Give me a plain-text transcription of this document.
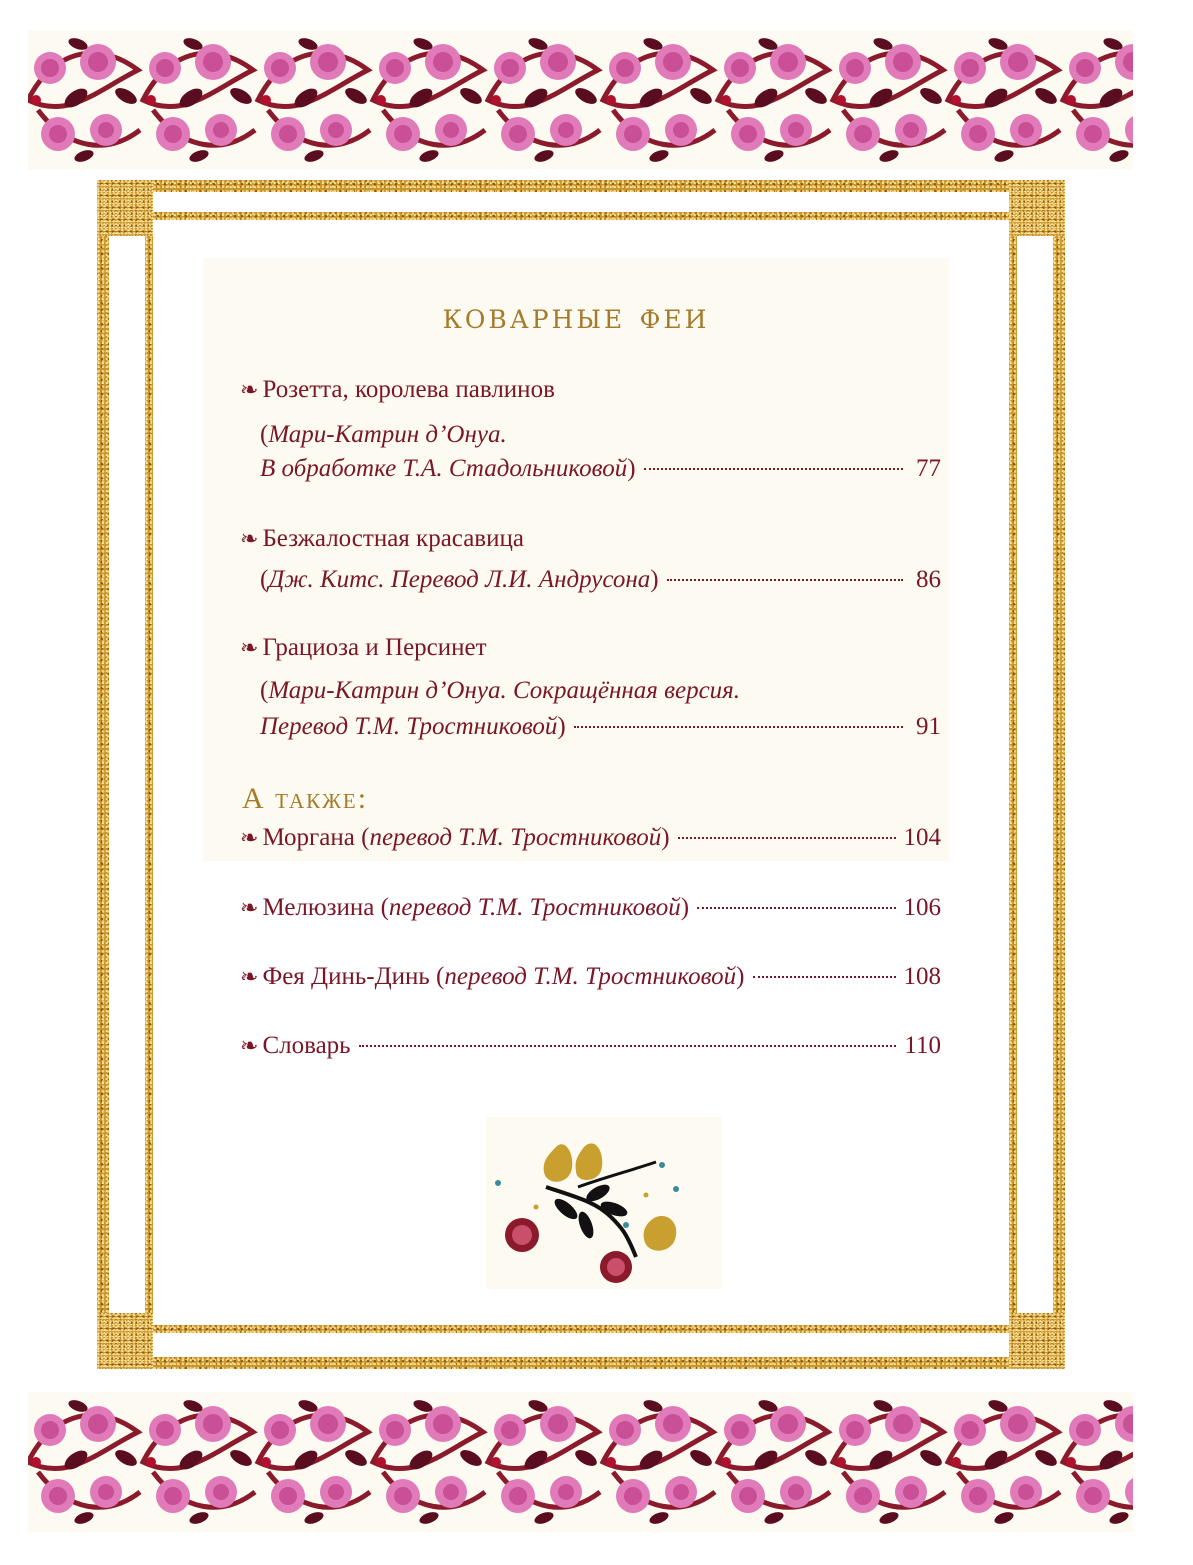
коварные феи
❧ Розетта, королева павлинов
( Мари-Катрин д’Онуа.
В обработке Т.А. Стадольниковой )	77
❧ Безжалостная красавица
( Дж. Китс. Перевод Л.И. Андрусона )	86
❧ Грациоза и Персинет
( Мари-Катрин д’Онуа. Сокращённая версия.
Перевод Т.М. Тростниковой )	91
А также:
❧ Моргана
( перевод Т.М. Тростниковой )	104
❧ Мелюзина
( перевод Т.М. Тростниковой )	106
❧ Фея Динь-Динь
( перевод Т.М. Тростниковой )	108
❧ Словарь	110
